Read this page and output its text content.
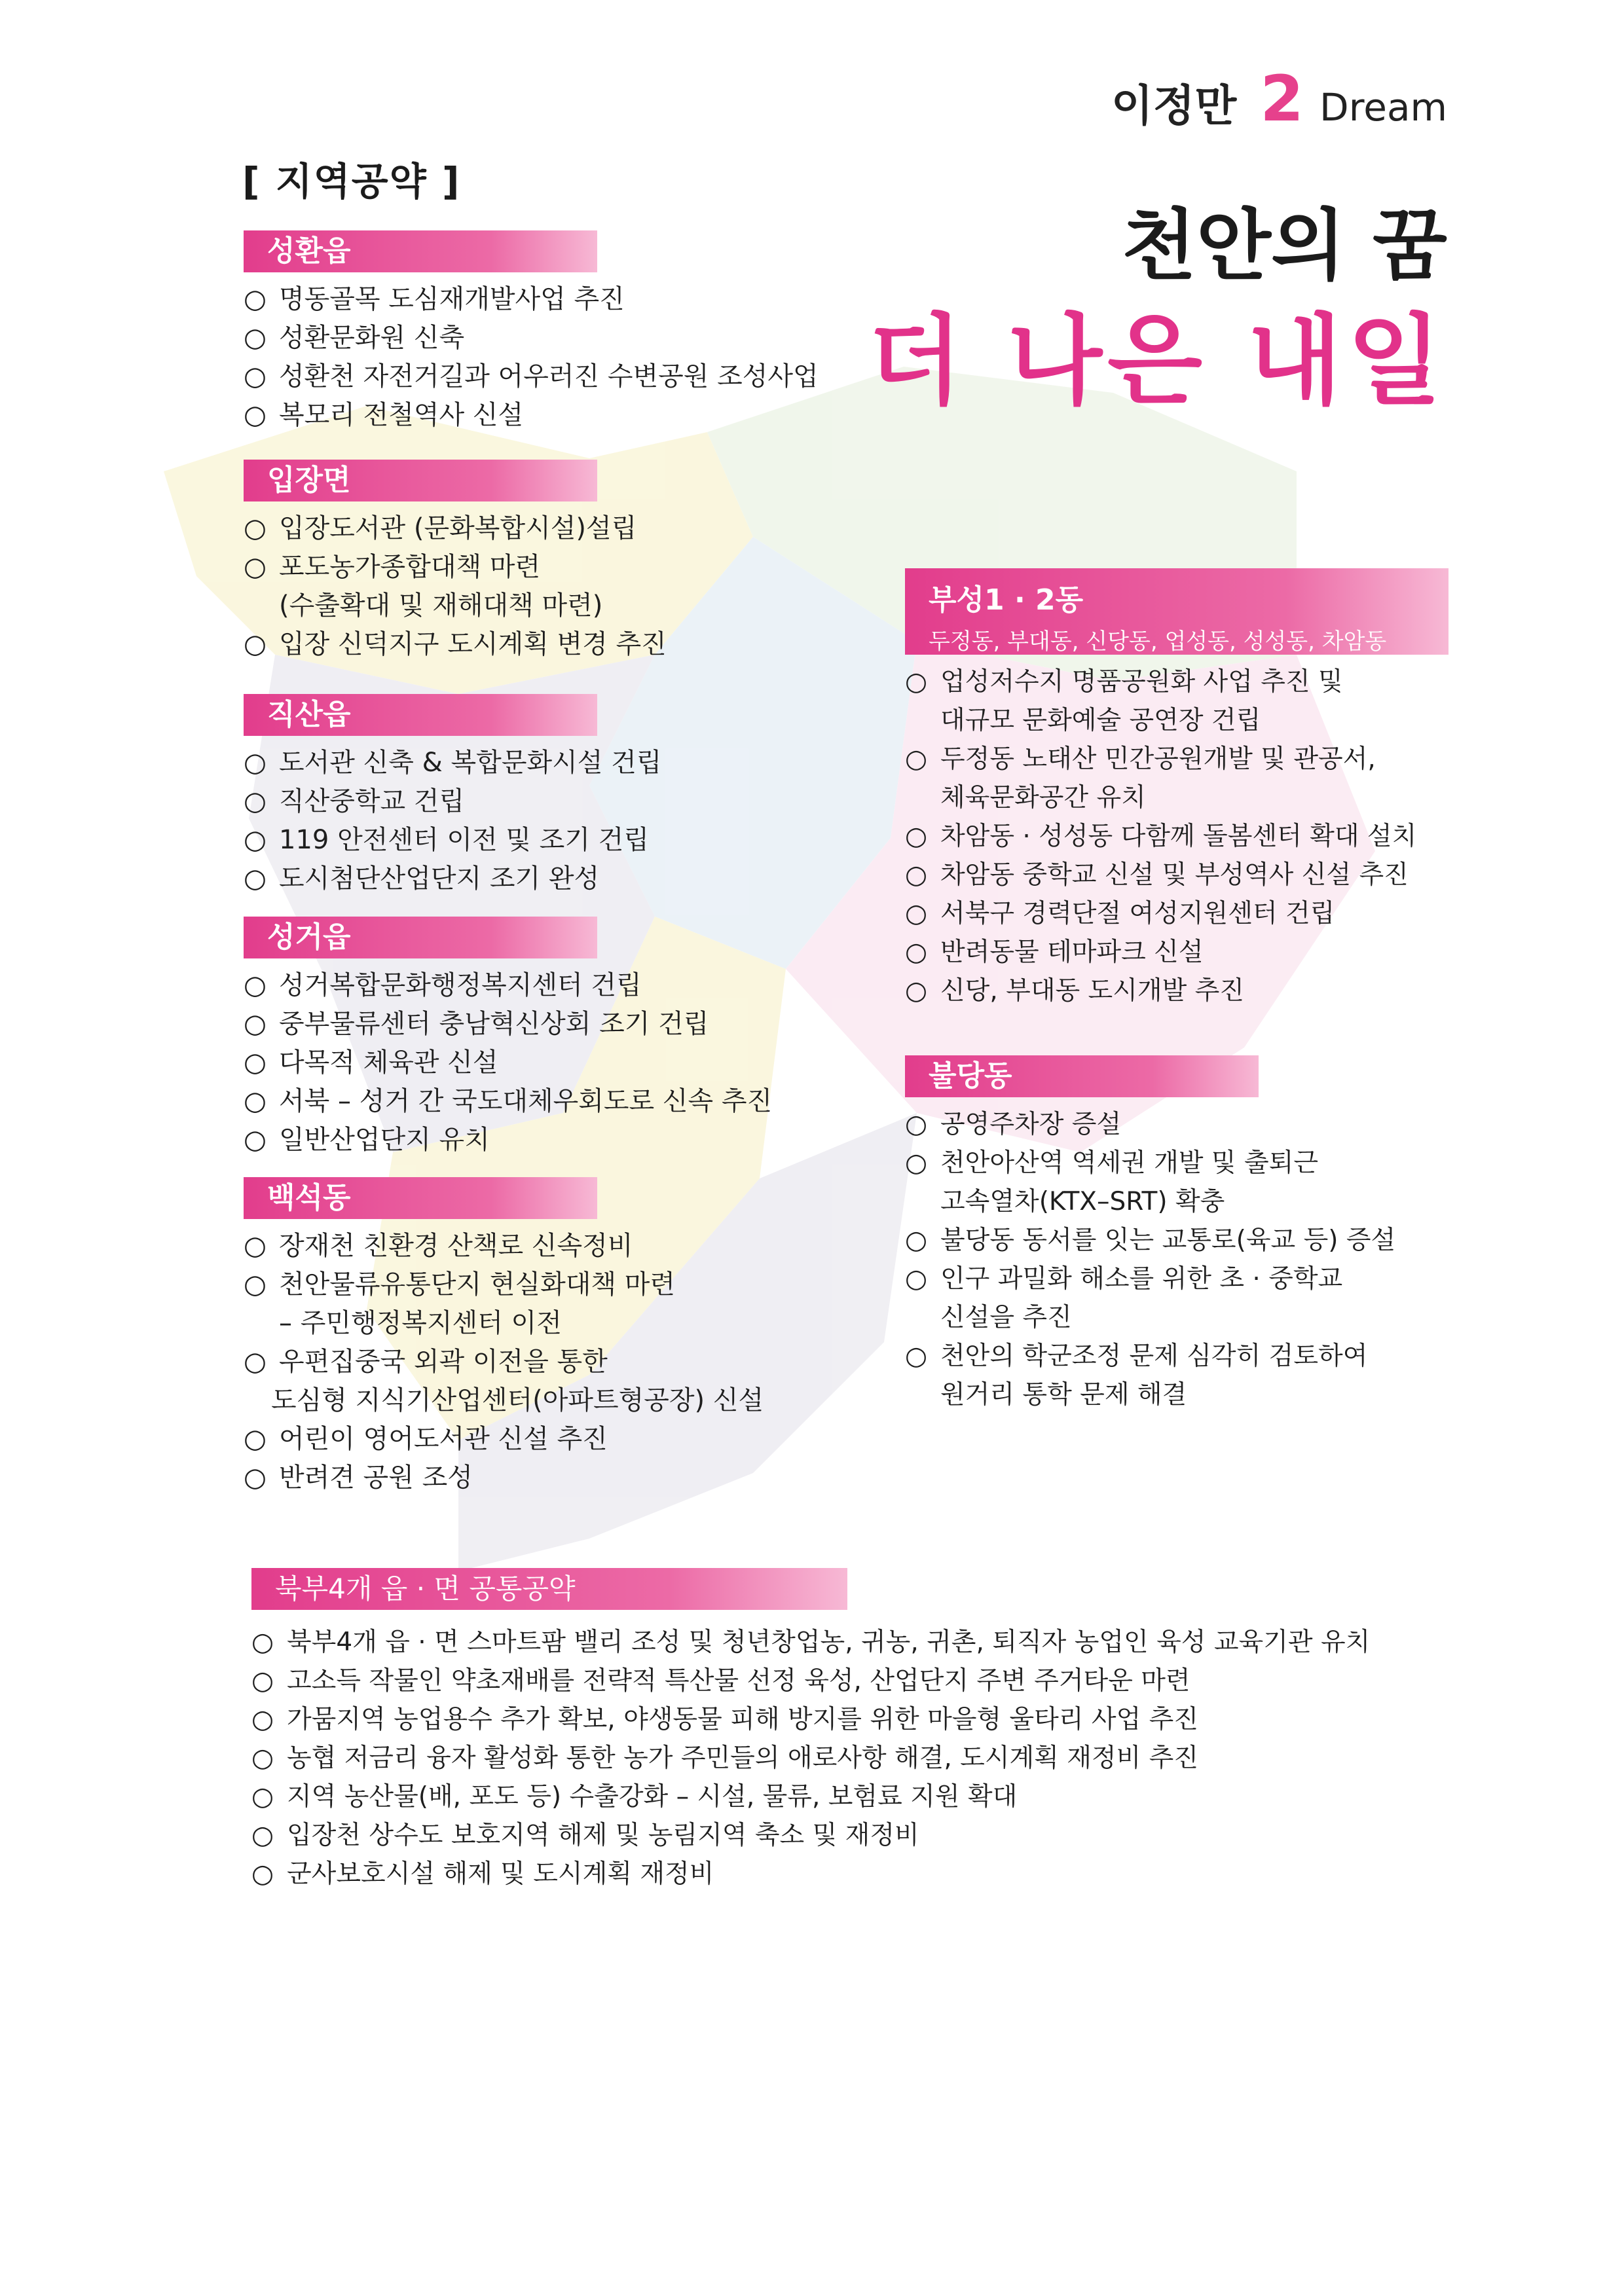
이정만 2 Dream
천안의 꿈
더 나은 내일
[ 지역공약 ]
성환읍
○ 명동골목 도심재개발사업 추진
○ 성환문화원 신축
○ 성환천 자전거길과 어우러진 수변공원 조성사업
○ 복모리 전철역사 신설
입장면
○ 입장도서관 (문화복합시설)설립
○ 포도농가종합대책 마련
(수출확대 및 재해대책 마련)
○ 입장 신덕지구 도시계획 변경 추진
직산읍
○ 도서관 신축 & 복합문화시설 건립
○ 직산중학교 건립
○ 119 안전센터 이전 및 조기 건립
○ 도시첨단산업단지 조기 완성
성거읍
○ 성거복합문화행정복지센터 건립
○ 중부물류센터 충남혁신상회 조기 건립
○ 다목적 체육관 신설
○ 서북 – 성거 간 국도대체우회도로 신속 추진
○ 일반산업단지 유치
백석동
○ 장재천 친환경 산책로 신속정비
○ 천안물류유통단지 현실화대책 마련
– 주민행정복지센터 이전
○ 우편집중국 외곽 이전을 통한
도심형 지식기산업센터(아파트형공장) 신설
○ 어린이 영어도서관 신설 추진
○ 반려견 공원 조성
부성1 · 2동
두정동, 부대동, 신당동, 업성동, 성성동, 차암동
○ 업성저수지 명품공원화 사업 추진 및
대규모 문화예술 공연장 건립
○ 두정동 노태산 민간공원개발 및 관공서,
체육문화공간 유치
○ 차암동 · 성성동 다함께 돌봄센터 확대 설치
○ 차암동 중학교 신설 및 부성역사 신설 추진
○ 서북구 경력단절 여성지원센터 건립
○ 반려동물 테마파크 신설
○ 신당, 부대동 도시개발 추진
불당동
○ 공영주차장 증설
○ 천안아산역 역세권 개발 및 출퇴근
고속열차(KTX–SRT) 확충
○ 불당동 동서를 잇는 교통로(육교 등) 증설
○ 인구 과밀화 해소를 위한 초 · 중학교
신설을 추진
○ 천안의 학군조정 문제 심각히 검토하여
원거리 통학 문제 해결
북부4개 읍 · 면 공통공약
○ 북부4개 읍 · 면 스마트팜 밸리 조성 및 청년창업농, 귀농, 귀촌, 퇴직자 농업인 육성 교육기관 유치
○ 고소득 작물인 약초재배를 전략적 특산물 선정 육성, 산업단지 주변 주거타운 마련
○ 가뭄지역 농업용수 추가 확보, 야생동물 피해 방지를 위한 마을형 울타리 사업 추진
○ 농협 저금리 융자 활성화 통한 농가 주민들의 애로사항 해결, 도시계획 재정비 추진
○ 지역 농산물(배, 포도 등) 수출강화 – 시설, 물류, 보험료 지원 확대
○ 입장천 상수도 보호지역 해제 및 농림지역 축소 및 재정비
○ 군사보호시설 해제 및 도시계획 재정비
